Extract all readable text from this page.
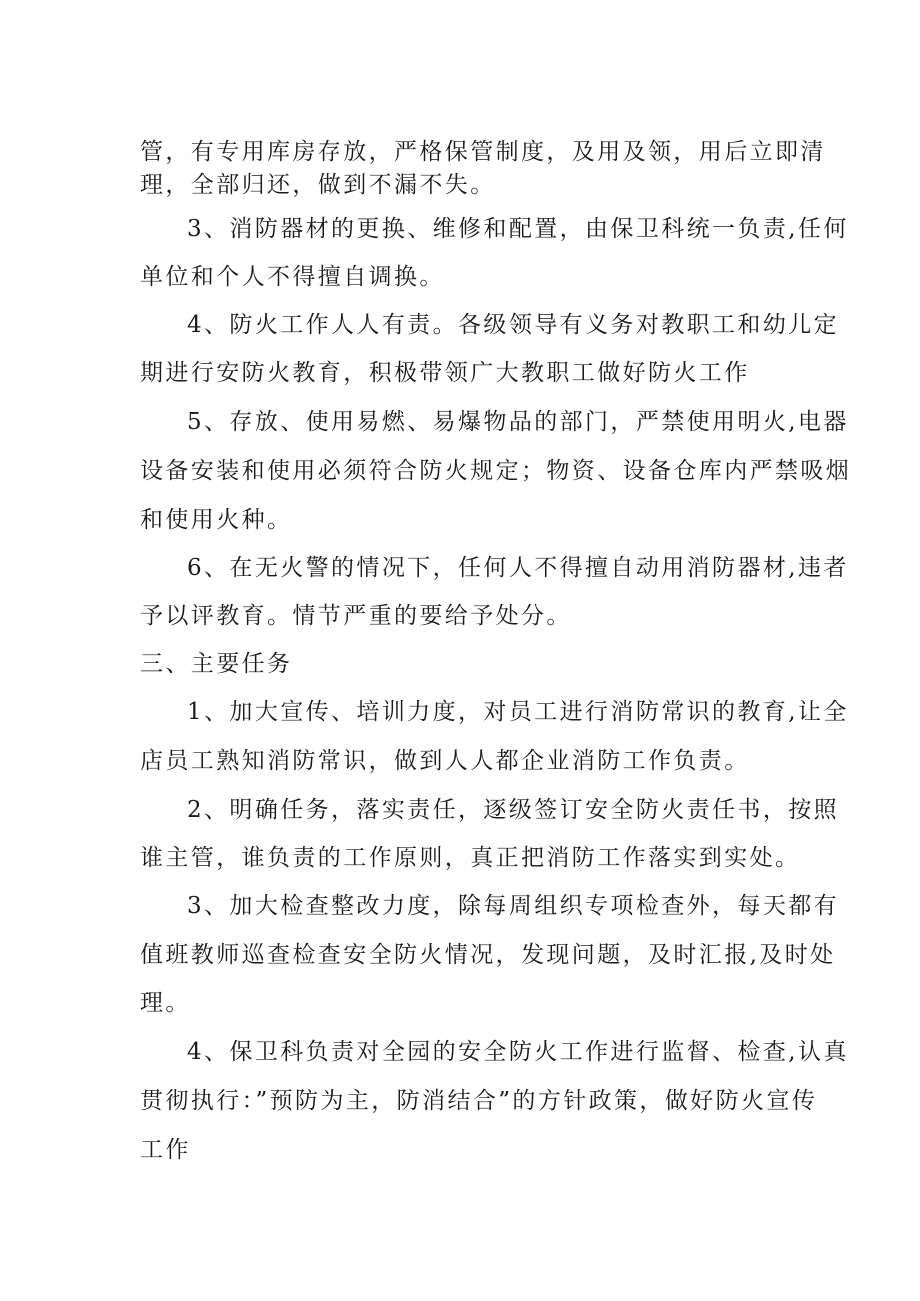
管，有专用库房存放，严格保管制度，及用及领，用后立即清
理，全部归还，做到不漏不失。
3、消防器材的更换、维修和配置，由保卫科统一负责,任何
单位和个人不得擅自调换。
4、防火工作人人有责。各级领导有义务对教职工和幼儿定
期进行安防火教育，积极带领广大教职工做好防火工作
5、存放、使用易燃、易爆物品的部门，严禁使用明火,电器
设备安装和使用必须符合防火规定；物资、设备仓库内严禁吸烟
和使用火种。
6、在无火警的情况下，任何人不得擅自动用消防器材,违者
予以评教育。情节严重的要给予处分。
三、主要任务
1、加大宣传、培训力度，对员工进行消防常识的教育,让全
店员工熟知消防常识，做到人人都企业消防工作负责。
2、明确任务，落实责任，逐级签订安全防火责任书，按照
谁主管，谁负责的工作原则，真正把消防工作落实到实处。
3、加大检查整改力度，除每周组织专项检查外，每天都有
值班教师巡查检查安全防火情况，发现问题，及时汇报,及时处
理。
4、保卫科负责对全园的安全防火工作进行监督、检查,认真
贯彻执行：”预防为主，防消结合”的方针政策，做好防火宣传
工作
